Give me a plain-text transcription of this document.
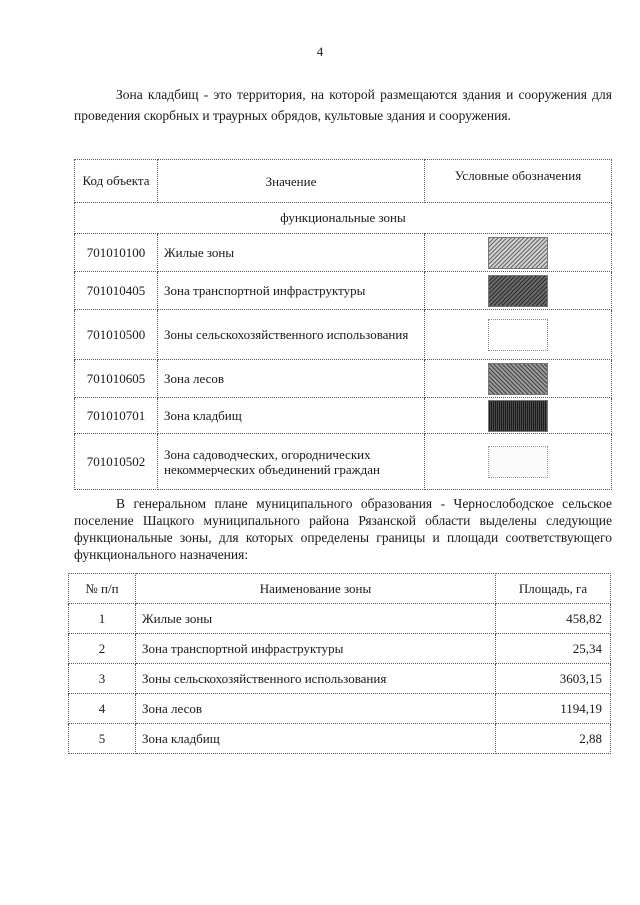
4

Зона кладбищ - это территория, на которой размещаются здания и сооружения для проведения скорбных и траурных обрядов, культовые здания и сооружения.

Код объекта	Значение	Условные обозначения
функциональные зоны		
701010100	Жилые зоны	
701010405	Зона транспортной инфраструктуры	
701010500	Зоны сельскохозяйственного использования	
701010605	Зона лесов	
701010701	Зона кладбищ	
701010502	Зона садоводческих, огороднических некоммерческих объединений граждан	

В генеральном плане муниципального образования - Чернослободское сельское поселение Шацкого муниципального района Рязанской области выделены следующие функциональные зоны, для которых определены границы и площади соответствующего функционального назначения:

№ п/п	Наименование зоны	Площадь, га
1	Жилые зоны	458,82
2	Зона транспортной инфраструктуры	25,34
3	Зоны сельскохозяйственного использования	3603,15
4	Зона лесов	1194,19
5	Зона кладбищ	2,88
